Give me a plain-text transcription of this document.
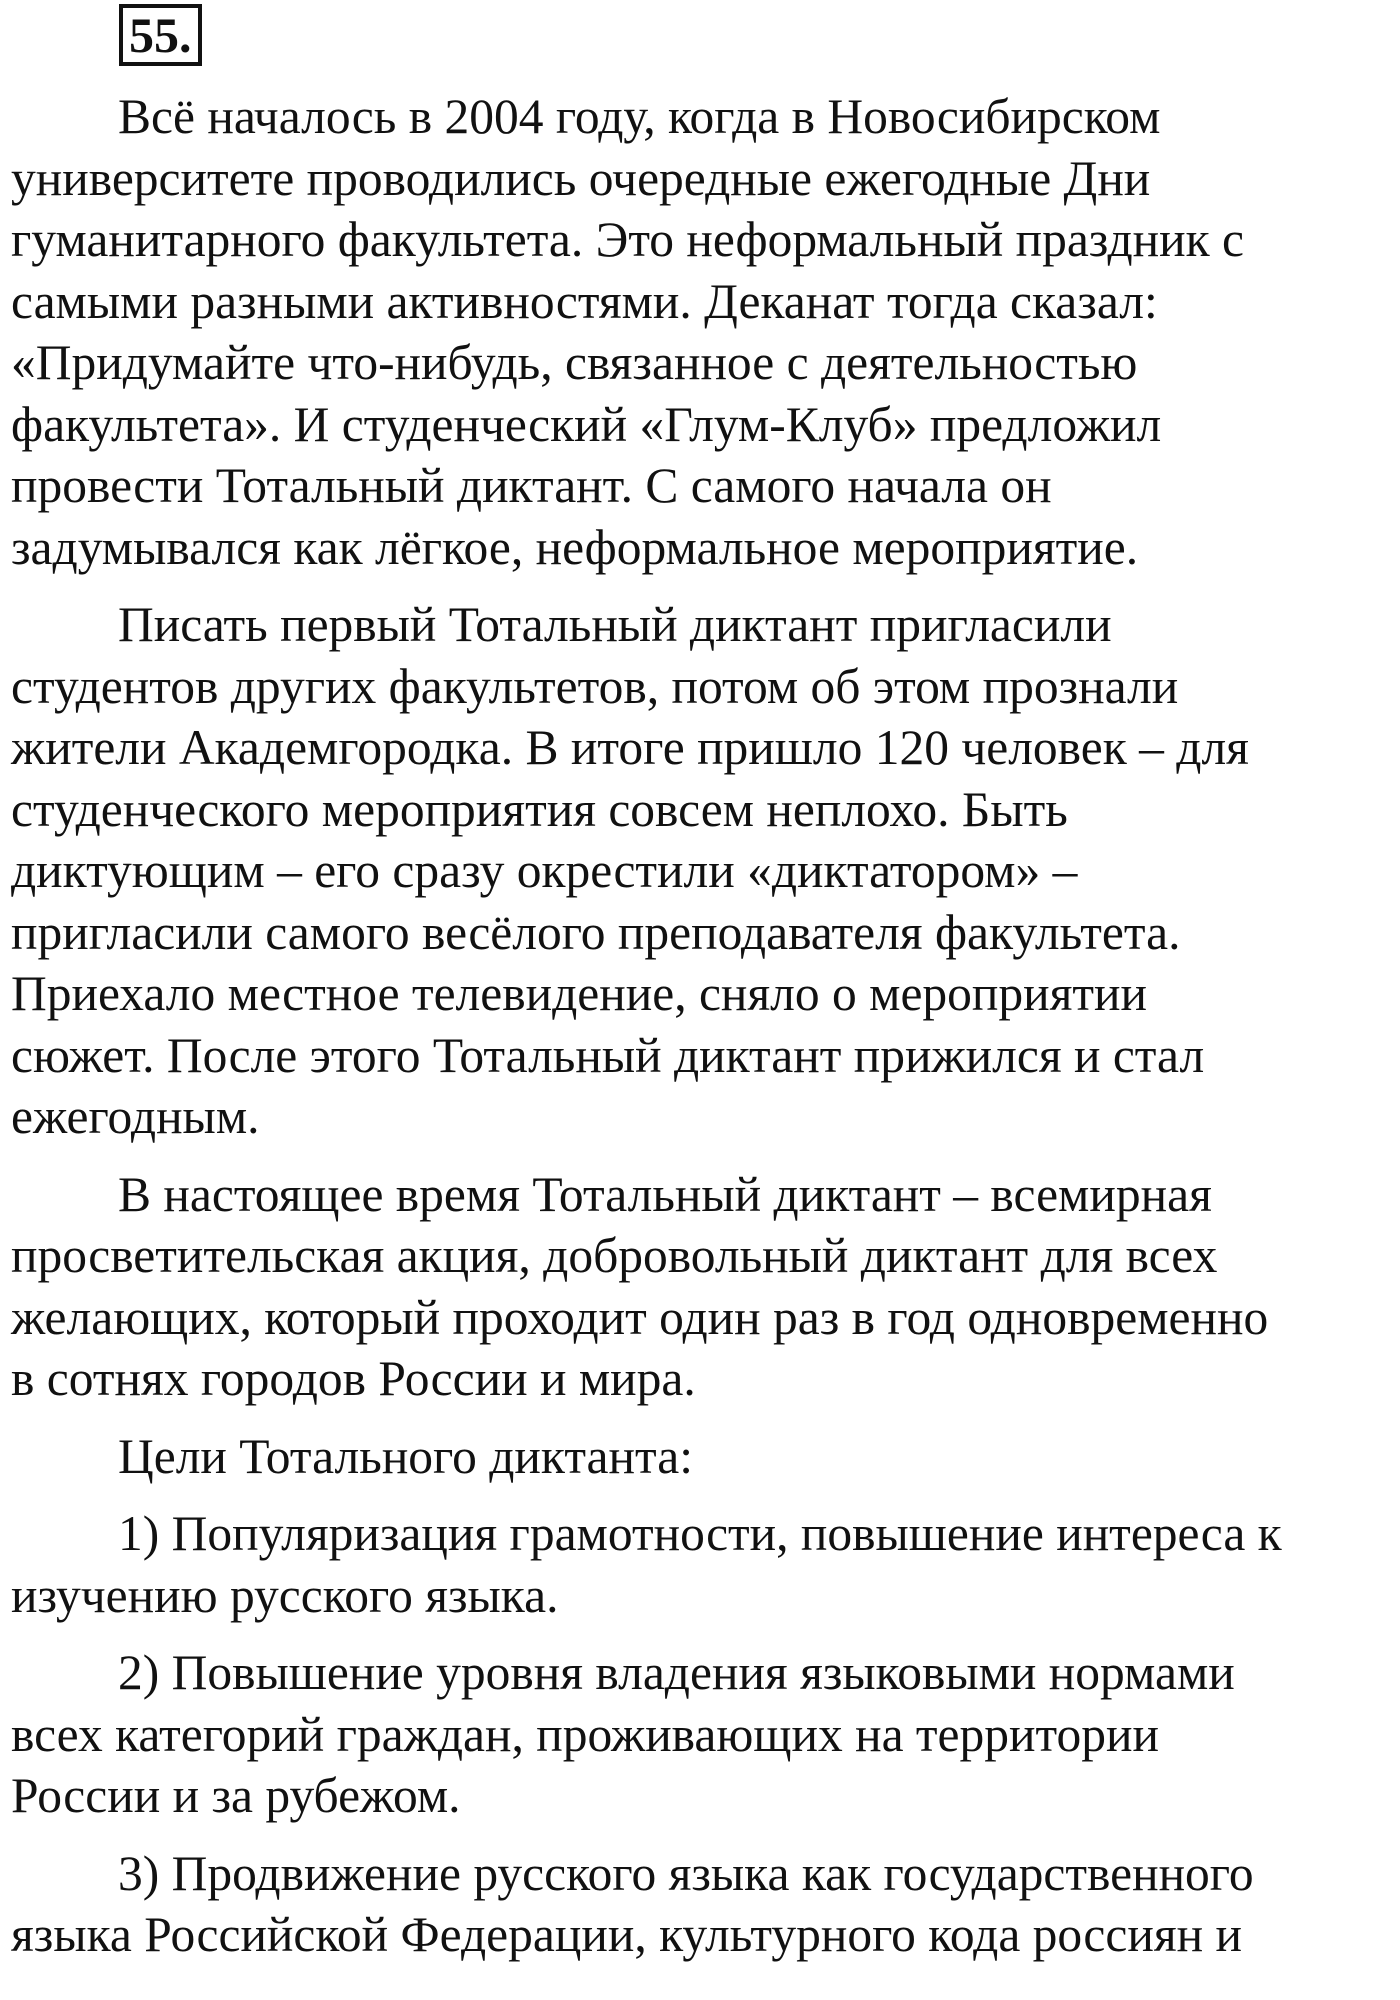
55.

Всё началось в 2004 году, когда в Новосибирском
университете проводились очередные ежегодные Дни
гуманитарного факультета. Это неформальный праздник с
самыми разными активностями. Деканат тогда сказал:
«Придумайте что-нибудь, связанное с деятельностью
факультета». И студенческий «Глум-Клуб» предложил
провести Тотальный диктант. С самого начала он
задумывался как лёгкое, неформальное мероприятие.

Писать первый Тотальный диктант пригласили
студентов других факультетов, потом об этом прознали
жители Академгородка. В итоге пришло 120 человек – для
студенческого мероприятия совсем неплохо. Быть
диктующим – его сразу окрестили «диктатором» –
пригласили самого весёлого преподавателя факультета.
Приехало местное телевидение, сняло о мероприятии
сюжет. После этого Тотальный диктант прижился и стал
ежегодным.

В настоящее время Тотальный диктант – всемирная
просветительская акция, добровольный диктант для всех
желающих, который проходит один раз в год одновременно
в сотнях городов России и мира.

Цели Тотального диктанта:

1) Популяризация грамотности, повышение интереса к
изучению русского языка.

2) Повышение уровня владения языковыми нормами
всех категорий граждан, проживающих на территории
России и за рубежом.

3) Продвижение русского языка как государственного
языка Российской Федерации, культурного кода россиян и
